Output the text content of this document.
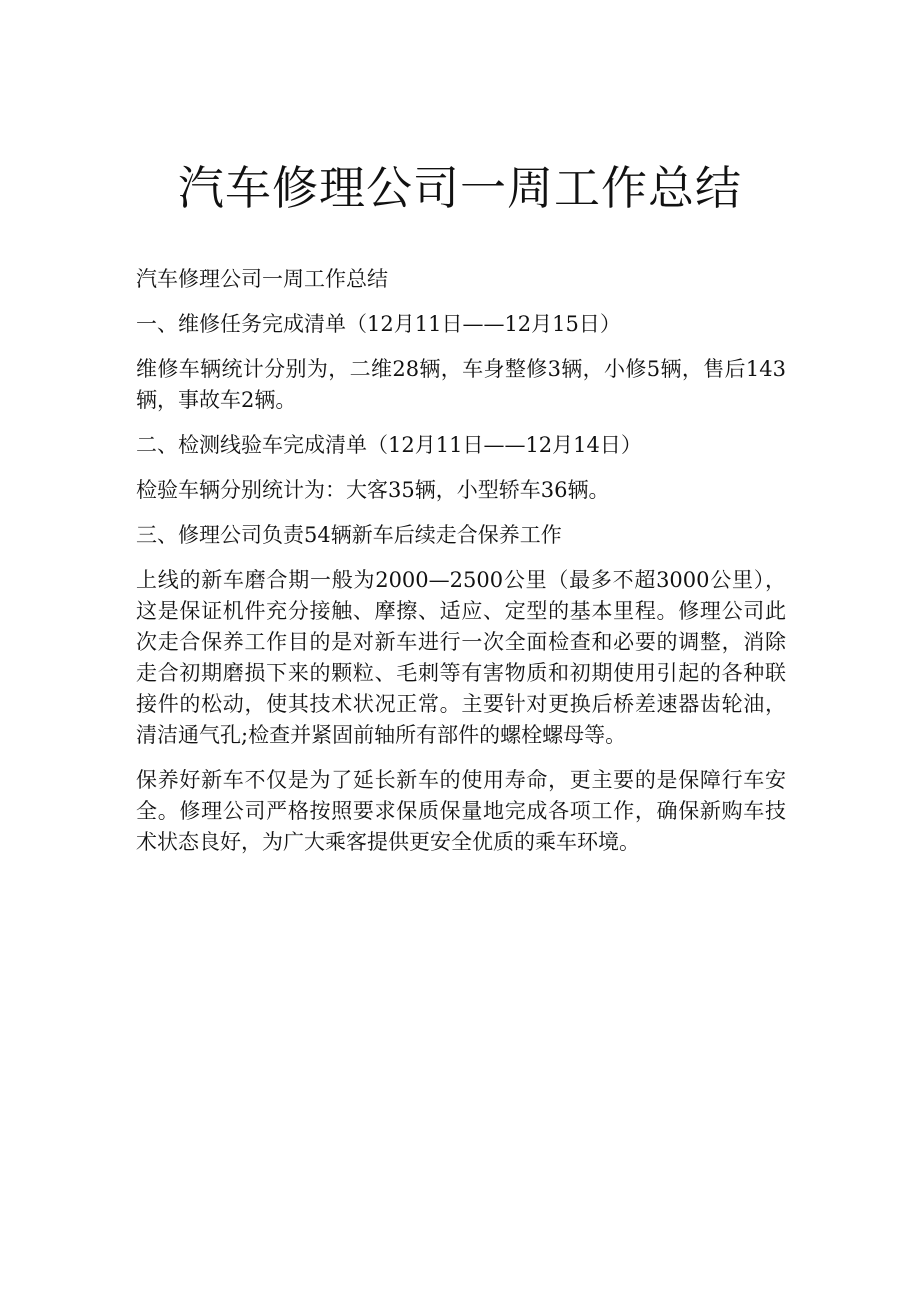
汽车修理公司一周工作总结

汽车修理公司一周工作总结

一、维修任务完成清单（12月11日——12月15日）

维修车辆统计分别为，二维28辆，车身整修3辆，小修5辆，售后143辆，事故车2辆。

二、检测线验车完成清单（12月11日——12月14日）

检验车辆分别统计为：大客35辆，小型轿车36辆。

三、修理公司负责54辆新车后续走合保养工作

上线的新车磨合期一般为2000—2500公里（最多不超3000公里），这是保证机件充分接触、摩擦、适应、定型的基本里程。修理公司此次走合保养工作目的是对新车进行一次全面检查和必要的调整，消除走合初期磨损下来的颗粒、毛刺等有害物质和初期使用引起的各种联接件的松动，使其技术状况正常。主要针对更换后桥差速器齿轮油，清洁通气孔;检查并紧固前轴所有部件的螺栓螺母等。

保养好新车不仅是为了延长新车的使用寿命，更主要的是保障行车安全。修理公司严格按照要求保质保量地完成各项工作，确保新购车技术状态良好，为广大乘客提供更安全优质的乘车环境。
